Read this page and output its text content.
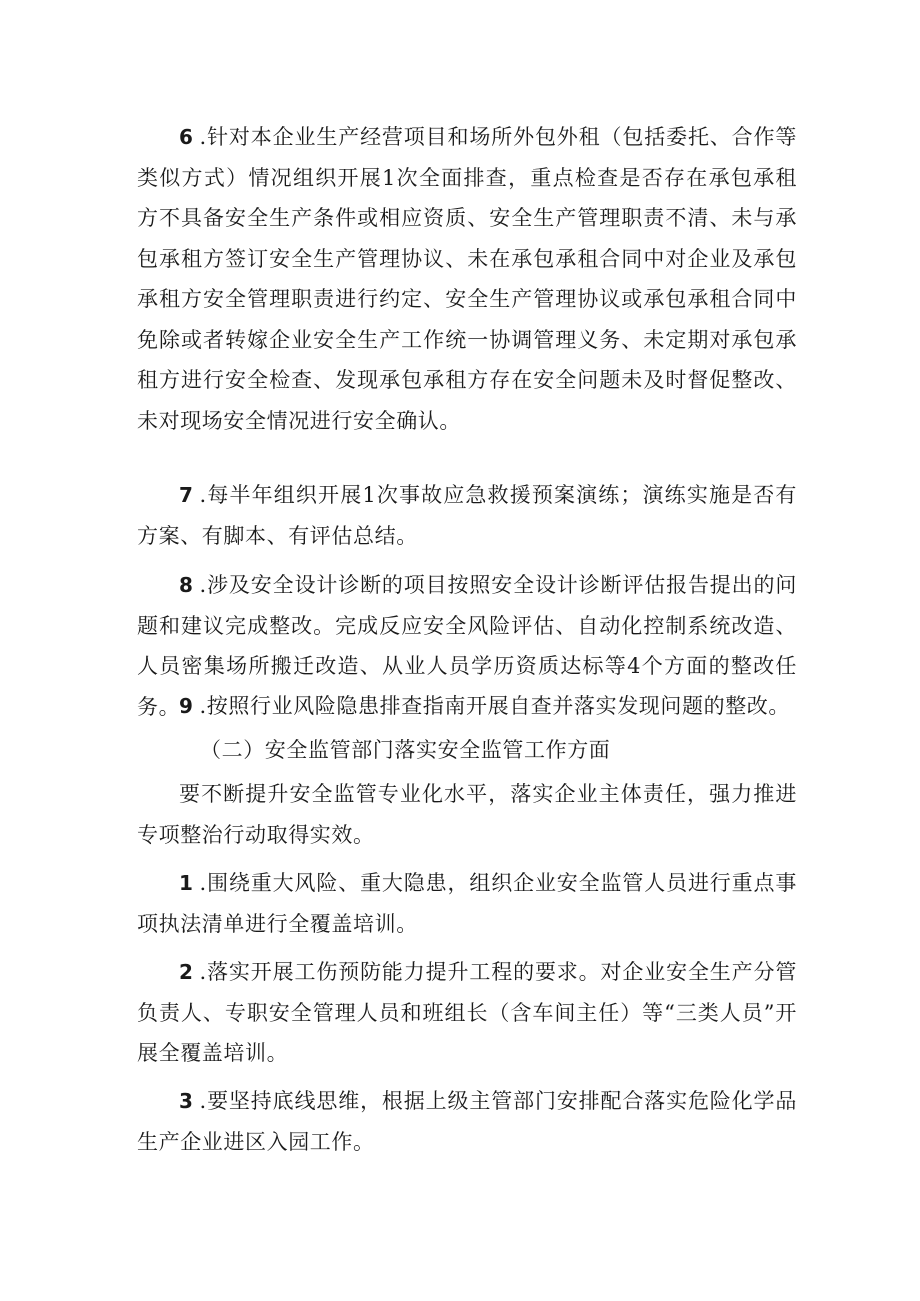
6 .针对本企业生产经营项目和场所外包外租（包括委托、合作等类似方式）情况组织开展1次全面排查，重点检查是否存在承包承租方不具备安全生产条件或相应资质、安全生产管理职责不清、未与承包承租方签订安全生产管理协议、未在承包承租合同中对企业及承包承租方安全管理职责进行约定、安全生产管理协议或承包承租合同中免除或者转嫁企业安全生产工作统一协调管理义务、未定期对承包承租方进行安全检查、发现承包承租方存在安全问题未及时督促整改、未对现场安全情况进行安全确认。

7 .每半年组织开展1次事故应急救援预案演练；演练实施是否有方案、有脚本、有评估总结。

8 .涉及安全设计诊断的项目按照安全设计诊断评估报告提出的问题和建议完成整改。完成反应安全风险评估、自动化控制系统改造、人员密集场所搬迁改造、从业人员学历资质达标等4个方面的整改任务。

9 .按照行业风险隐患排查指南开展自查并落实发现问题的整改。

（二）安全监管部门落实安全监管工作方面

要不断提升安全监管专业化水平，落实企业主体责任，强力推进专项整治行动取得实效。

1 .围绕重大风险、重大隐患，组织企业安全监管人员进行重点事项执法清单进行全覆盖培训。

2 .落实开展工伤预防能力提升工程的要求。对企业安全生产分管负责人、专职安全管理人员和班组长（含车间主任）等“三类人员”开展全覆盖培训。

3 .要坚持底线思维，根据上级主管部门安排配合落实危险化学品生产企业进区入园工作。
